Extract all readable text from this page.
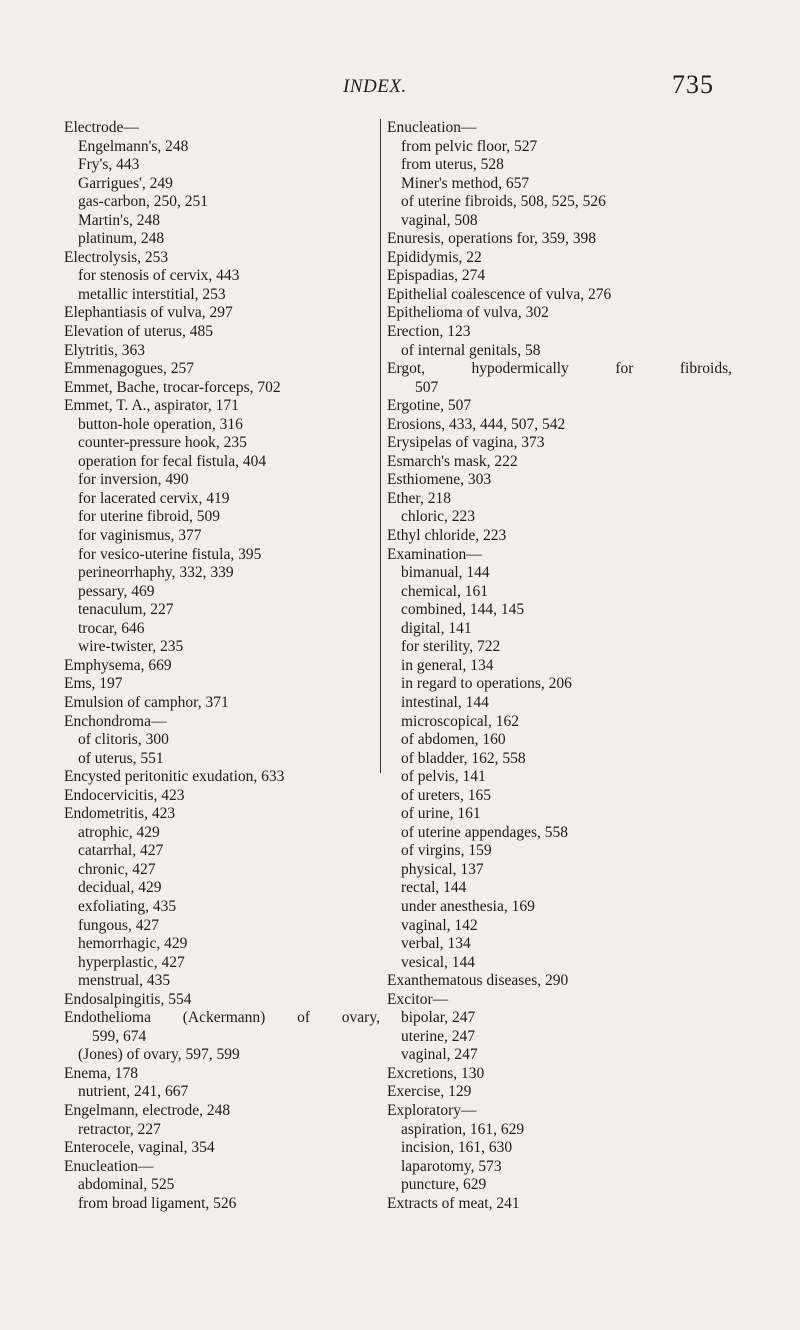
INDEX.	735
Electrode—
Engelmann's, 248
Fry's, 443
Garrigues', 249
gas-carbon, 250, 251
Martin's, 248
platinum, 248
Electrolysis, 253
for stenosis of cervix, 443
metallic interstitial, 253
Elephantiasis of vulva, 297
Elevation of uterus, 485
Elytritis, 363
Emmenagogues, 257
Emmet, Bache, trocar-forceps, 702
Emmet, T. A., aspirator, 171
button-hole operation, 316
counter-pressure hook, 235
operation for fecal fistula, 404
for inversion, 490
for lacerated cervix, 419
for uterine fibroid, 509
for vaginismus, 377
for vesico-uterine fistula, 395
perineorrhaphy, 332, 339
pessary, 469
tenaculum, 227
trocar, 646
wire-twister, 235
Emphysema, 669
Ems, 197
Emulsion of camphor, 371
Enchondroma—
of clitoris, 300
of uterus, 551
Encysted peritonitic exudation, 633
Endocervicitis, 423
Endometritis, 423
atrophic, 429
catarrhal, 427
chronic, 427
decidual, 429
exfoliating, 435
fungous, 427
hemorrhagic, 429
hyperplastic, 427
menstrual, 435
Endosalpingitis, 554
Endothelioma (Ackermann) of ovary,
599, 674
(Jones) of ovary, 597, 599
Enema, 178
nutrient, 241, 667
Engelmann, electrode, 248
retractor, 227
Enterocele, vaginal, 354
Enucleation—
abdominal, 525
from broad ligament, 526
Enucleation—
from pelvic floor, 527
from uterus, 528
Miner's method, 657
of uterine fibroids, 508, 525, 526
vaginal, 508
Enuresis, operations for, 359, 398
Epididymis, 22
Epispadias, 274
Epithelial coalescence of vulva, 276
Epithelioma of vulva, 302
Erection, 123
of internal genitals, 58
Ergot,	hypodermically	for	fibroids,
507
Ergotine, 507
Erosions, 433, 444, 507, 542
Erysipelas of vagina, 373
Esmarch's mask, 222
Esthiomene, 303
Ether, 218
chloric, 223
Ethyl chloride, 223
Examination—
bimanual, 144
chemical, 161
combined, 144, 145
digital, 141
for sterility, 722
in general, 134
in regard to operations, 206
intestinal, 144
microscopical, 162
of abdomen, 160
of bladder, 162, 558
of pelvis, 141
of ureters, 165
of urine, 161
of uterine appendages, 558
of virgins, 159
physical, 137
rectal, 144
under anesthesia, 169
vaginal, 142
verbal, 134
vesical, 144
Exanthematous diseases, 290
Excitor—
bipolar, 247
uterine, 247
vaginal, 247
Excretions, 130
Exercise, 129
Exploratory—
aspiration, 161, 629
incision, 161, 630
laparotomy, 573
puncture, 629
Extracts of meat, 241
